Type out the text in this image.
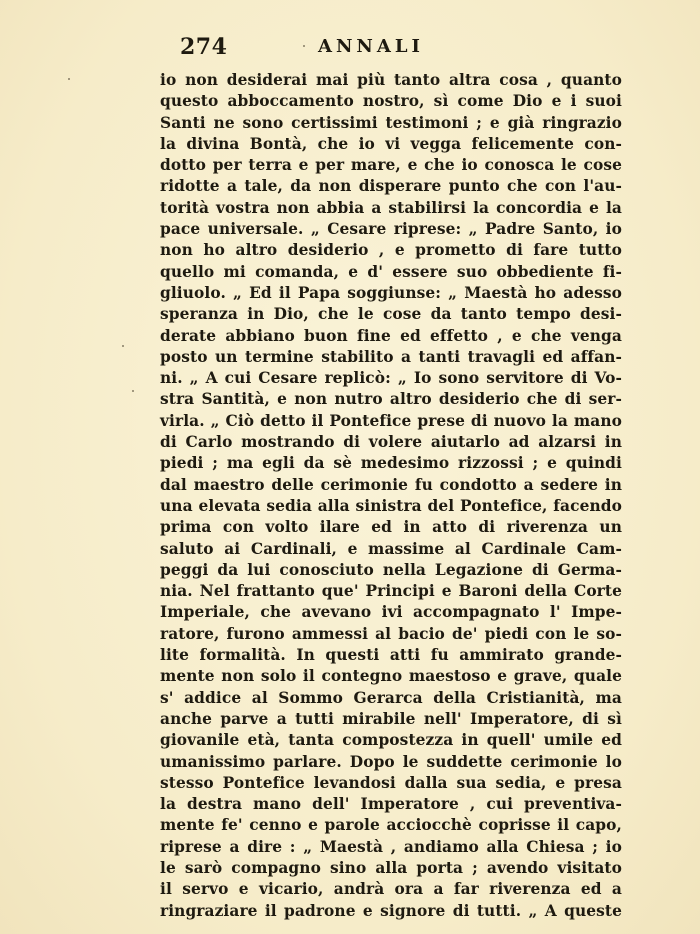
274	ANNALI
io non desiderai mai più tanto altra cosa , quanto
questo abboccamento nostro, sì come Dio e i suoi
Santi ne sono certissimi testimoni ; e già ringrazio
la divina Bontà, che io vi vegga felicemente con-
dotto per terra e per mare, e che io conosca le cose
ridotte a tale, da non disperare punto che con l'au-
torità vostra non abbia a stabilirsi la concordia e la
pace universale. „ Cesare riprese: „ Padre Santo, io
non ho altro desiderio , e prometto di fare tutto
quello mi comanda, e d' essere suo obbediente fi-
gliuolo. „ Ed il Papa soggiunse: „ Maestà ho adesso
speranza in Dio, che le cose da tanto tempo desi-
derate abbiano buon fine ed effetto , e che venga
posto un termine stabilito a tanti travagli ed affan-
ni. „ A cui Cesare replicò: „ Io sono servitore di Vo-
stra Santità, e non nutro altro desiderio che di ser-
virla. „ Ciò detto il Pontefice prese di nuovo la mano
di Carlo mostrando di volere aiutarlo ad alzarsi in
piedi ; ma egli da sè medesimo rizzossi ; e quindi
dal maestro delle cerimonie fu condotto a sedere in
una elevata sedia alla sinistra del Pontefice, facendo
prima con volto ilare ed in atto di riverenza un
saluto ai Cardinali, e massime al Cardinale Cam-
peggi da lui conosciuto nella Legazione di Germa-
nia. Nel frattanto que' Principi e Baroni della Corte
Imperiale, che avevano ivi accompagnato l' Impe-
ratore, furono ammessi al bacio de' piedi con le so-
lite formalità. In questi atti fu ammirato grande-
mente non solo il contegno maestoso e grave, quale
s' addice al Sommo Gerarca della Cristianità, ma
anche parve a tutti mirabile nell' Imperatore, di sì
giovanile età, tanta compostezza in quell' umile ed
umanissimo parlare. Dopo le suddette cerimonie lo
stesso Pontefice levandosi dalla sua sedia, e presa
la destra mano dell' Imperatore , cui preventiva-
mente fe' cenno e parole acciocchè coprisse il capo,
riprese a dire : „ Maestà , andiamo alla Chiesa ; io
le sarò compagno sino alla porta ; avendo visitato
il servo e vicario, andrà ora a far riverenza ed a
ringraziare il padrone e signore di tutti. „ A queste
